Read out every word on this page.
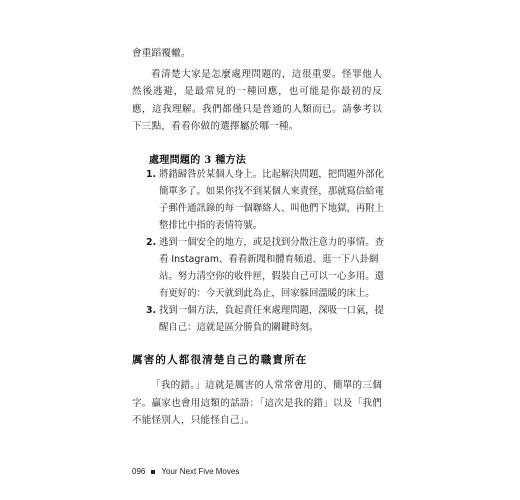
會重蹈覆轍。

看清楚大家是怎麼處理問題的，這很重要。怪罪他人然後逃避，是最常見的一種回應，也可能是你最初的反應，這我理解。我們都僅只是普通的人類而已。請參考以下三點，看看你做的選擇屬於哪一種。

處理問題的 3 種方法
1. 將錯歸咎於某個人身上。比起解決問題，把問題外部化簡單多了。如果你找不到某個人來責怪，那就寫信給電子郵件通訊錄的每一個聯絡人、叫他們下地獄，再附上整排比中指的表情符號。
2. 逃到一個安全的地方，或是找到分散注意力的事情。查看 Instagram、看看新聞和體育頻道、逛一下八卦網站。努力清空你的收件匣，假裝自己可以一心多用。還有更好的：今天就到此為止，回家躲回溫暖的床上。
3. 找到一個方法，負起責任來處理問題，深吸一口氣，提醒自己：這就是區分勝負的關鍵時刻。
厲害的人都很清楚自己的職責所在

「我的錯。」這就是厲害的人常常會用的、簡單的三個字。贏家也會用這類的話語：「這次是我的錯」以及「我們不能怪別人，只能怪自己」。

096 Your Next Five Moves
